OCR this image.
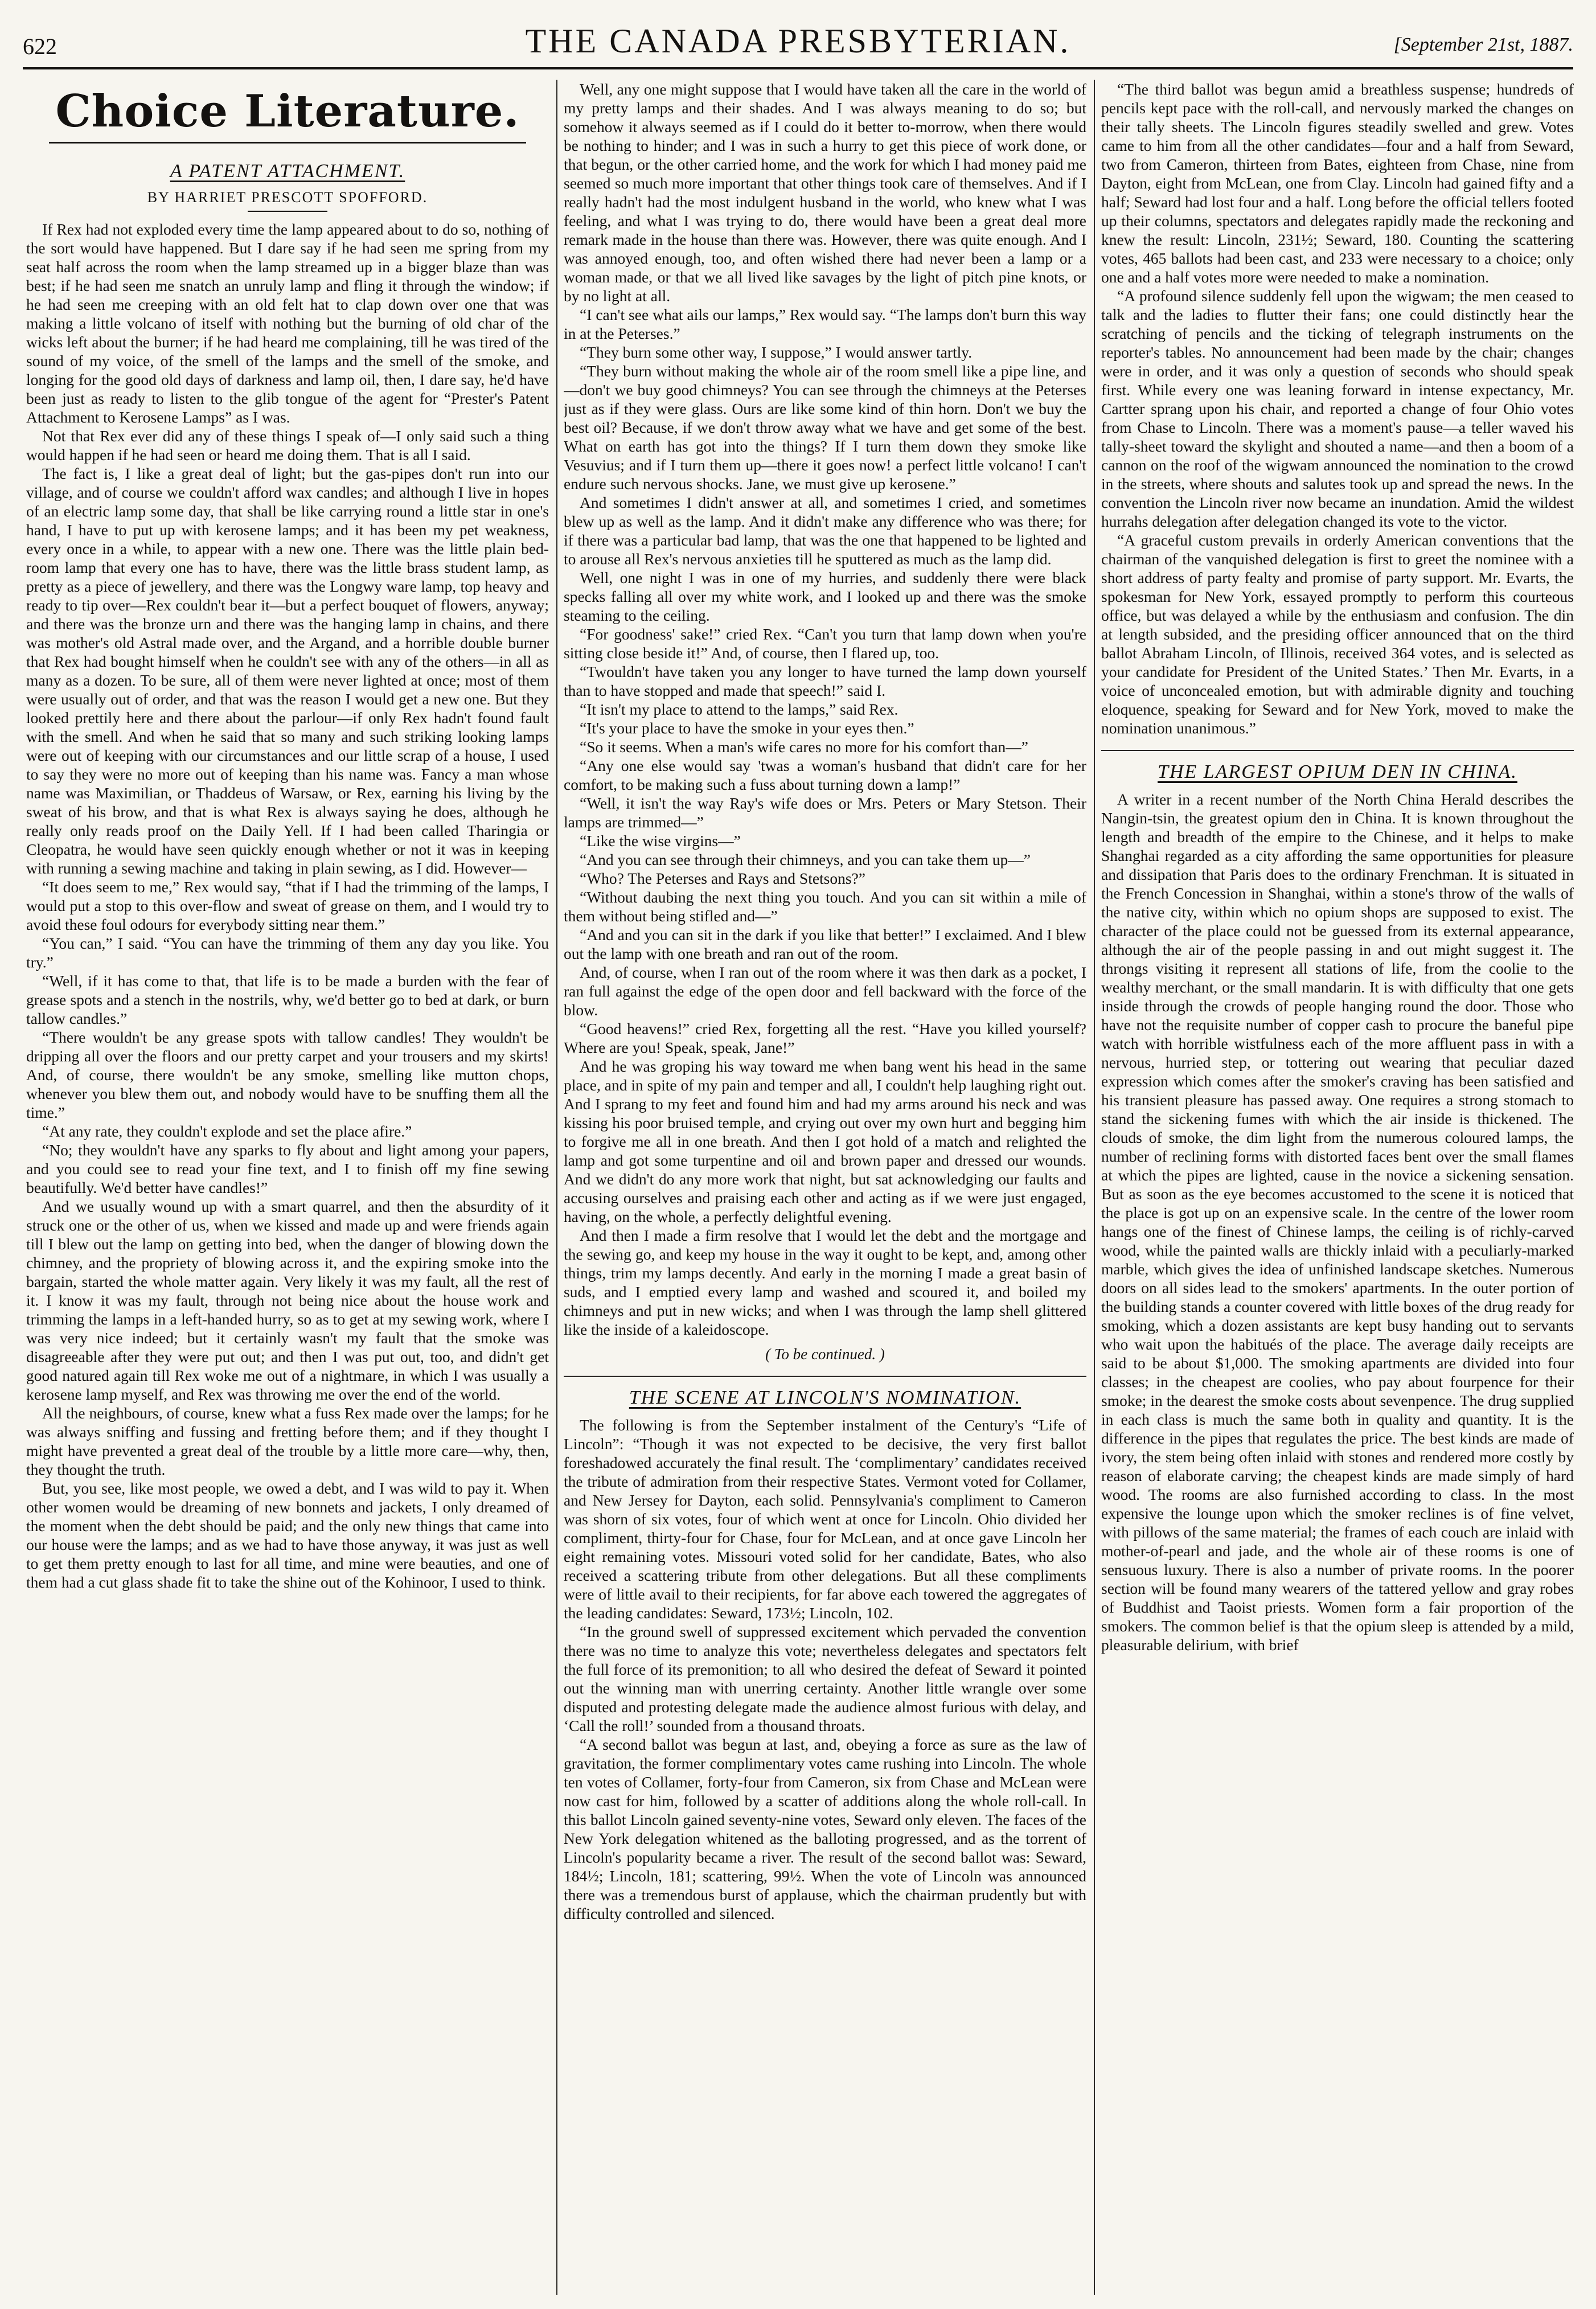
622	THE CANADA PRESBYTERIAN.	[September 21st, 1887.
Choice Literature.
A PATENT ATTACHMENT.
BY HARRIET PRESCOTT SPOFFORD.

If Rex had not exploded every time the lamp appeared about to do so, nothing of the sort would have happened. But I dare say if he had seen me spring from my seat half across the room when the lamp streamed up in a bigger blaze than was best; if he had seen me snatch an unruly lamp and fling it through the window; if he had seen me creeping with an old felt hat to clap down over one that was making a little volcano of itself with nothing but the burning of old char of the wicks left about the burner; if he had heard me complaining, till he was tired of the sound of my voice, of the smell of the lamps and the smell of the smoke, and longing for the good old days of darkness and lamp oil, then, I dare say, he'd have been just as ready to listen to the glib tongue of the agent for “Prester's Patent Attachment to Kerosene Lamps” as I was.

Not that Rex ever did any of these things I speak of—I only said such a thing would happen if he had seen or heard me doing them. That is all I said.

The fact is, I like a great deal of light; but the gas-pipes don't run into our village, and of course we couldn't afford wax candles; and although I live in hopes of an electric lamp some day, that shall be like carrying round a little star in one's hand, I have to put up with kerosene lamps; and it has been my pet weakness, every once in a while, to appear with a new one. There was the little plain bed-room lamp that every one has to have, there was the little brass student lamp, as pretty as a piece of jewellery, and there was the Longwy ware lamp, top heavy and ready to tip over—Rex couldn't bear it—but a perfect bouquet of flowers, anyway; and there was the bronze urn and there was the hanging lamp in chains, and there was mother's old Astral made over, and the Argand, and a horrible double burner that Rex had bought himself when he couldn't see with any of the others—in all as many as a dozen. To be sure, all of them were never lighted at once; most of them were usually out of order, and that was the reason I would get a new one. But they looked prettily here and there about the parlour—if only Rex hadn't found fault with the smell. And when he said that so many and such striking looking lamps were out of keeping with our circumstances and our little scrap of a house, I used to say they were no more out of keeping than his name was. Fancy a man whose name was Maximilian, or Thaddeus of Warsaw, or Rex, earning his living by the sweat of his brow, and that is what Rex is always saying he does, although he really only reads proof on the Daily Yell. If I had been called Tharingia or Cleopatra, he would have seen quickly enough whether or not it was in keeping with running a sewing machine and taking in plain sewing, as I did. However—

“It does seem to me,” Rex would say, “that if I had the trimming of the lamps, I would put a stop to this over-flow and sweat of grease on them, and I would try to avoid these foul odours for everybody sitting near them.”

“You can,” I said. “You can have the trimming of them any day you like. You try.”

“Well, if it has come to that, that life is to be made a burden with the fear of grease spots and a stench in the nostrils, why, we'd better go to bed at dark, or burn tallow candles.”

“There wouldn't be any grease spots with tallow candles! They wouldn't be dripping all over the floors and our pretty carpet and your trousers and my skirts! And, of course, there wouldn't be any smoke, smelling like mutton chops, whenever you blew them out, and nobody would have to be snuffing them all the time.”

“At any rate, they couldn't explode and set the place afire.”

“No; they wouldn't have any sparks to fly about and light among your papers, and you could see to read your fine text, and I to finish off my fine sewing beautifully. We'd better have candles!”

And we usually wound up with a smart quarrel, and then the absurdity of it struck one or the other of us, when we kissed and made up and were friends again till I blew out the lamp on getting into bed, when the danger of blowing down the chimney, and the propriety of blowing across it, and the expiring smoke into the bargain, started the whole matter again. Very likely it was my fault, all the rest of it. I know it was my fault, through not being nice about the house work and trimming the lamps in a left-handed hurry, so as to get at my sewing work, where I was very nice indeed; but it certainly wasn't my fault that the smoke was disagreeable after they were put out; and then I was put out, too, and didn't get good natured again till Rex woke me out of a nightmare, in which I was usually a kerosene lamp myself, and Rex was throwing me over the end of the world.

All the neighbours, of course, knew what a fuss Rex made over the lamps; for he was always sniffing and fussing and fretting before them; and if they thought I might have prevented a great deal of the trouble by a little more care—why, then, they thought the truth.

But, you see, like most people, we owed a debt, and I was wild to pay it. When other women would be dreaming of new bonnets and jackets, I only dreamed of the moment when the debt should be paid; and the only new things that came into our house were the lamps; and as we had to have those anyway, it was just as well to get them pretty enough to last for all time, and mine were beauties, and one of them had a cut glass shade fit to take the shine out of the Kohinoor, I used to think.

Well, any one might suppose that I would have taken all the care in the world of my pretty lamps and their shades. And I was always meaning to do so; but somehow it always seemed as if I could do it better to-morrow, when there would be nothing to hinder; and I was in such a hurry to get this piece of work done, or that begun, or the other carried home, and the work for which I had money paid me seemed so much more important that other things took care of themselves. And if I really hadn't had the most indulgent husband in the world, who knew what I was feeling, and what I was trying to do, there would have been a great deal more remark made in the house than there was. However, there was quite enough. And I was annoyed enough, too, and often wished there had never been a lamp or a woman made, or that we all lived like savages by the light of pitch pine knots, or by no light at all.

“I can't see what ails our lamps,” Rex would say. “The lamps don't burn this way in at the Peterses.”

“They burn some other way, I suppose,” I would answer tartly.

“They burn without making the whole air of the room smell like a pipe line, and—don't we buy good chimneys? You can see through the chimneys at the Peterses just as if they were glass. Ours are like some kind of thin horn. Don't we buy the best oil? Because, if we don't throw away what we have and get some of the best. What on earth has got into the things? If I turn them down they smoke like Vesuvius; and if I turn them up—there it goes now! a perfect little volcano! I can't endure such nervous shocks. Jane, we must give up kerosene.”

And sometimes I didn't answer at all, and sometimes I cried, and sometimes blew up as well as the lamp. And it didn't make any difference who was there; for if there was a particular bad lamp, that was the one that happened to be lighted and to arouse all Rex's nervous anxieties till he sputtered as much as the lamp did.

Well, one night I was in one of my hurries, and suddenly there were black specks falling all over my white work, and I looked up and there was the smoke steaming to the ceiling.

“For goodness' sake!” cried Rex. “Can't you turn that lamp down when you're sitting close beside it!” And, of course, then I flared up, too.

“Twouldn't have taken you any longer to have turned the lamp down yourself than to have stopped and made that speech!” said I.

“It isn't my place to attend to the lamps,” said Rex.

“It's your place to have the smoke in your eyes then.”

“So it seems. When a man's wife cares no more for his comfort than—”

“Any one else would say 'twas a woman's husband that didn't care for her comfort, to be making such a fuss about turning down a lamp!”

“Well, it isn't the way Ray's wife does or Mrs. Peters or Mary Stetson. Their lamps are trimmed—”

“Like the wise virgins—”

“And you can see through their chimneys, and you can take them up—”

“Who? The Peterses and Rays and Stetsons?”

“Without daubing the next thing you touch. And you can sit within a mile of them without being stifled and—”

“And and you can sit in the dark if you like that better!” I exclaimed. And I blew out the lamp with one breath and ran out of the room.

And, of course, when I ran out of the room where it was then dark as a pocket, I ran full against the edge of the open door and fell backward with the force of the blow.

“Good heavens!” cried Rex, forgetting all the rest. “Have you killed yourself? Where are you! Speak, speak, Jane!”

And he was groping his way toward me when bang went his head in the same place, and in spite of my pain and temper and all, I couldn't help laughing right out. And I sprang to my feet and found him and had my arms around his neck and was kissing his poor bruised temple, and crying out over my own hurt and begging him to forgive me all in one breath. And then I got hold of a match and relighted the lamp and got some turpentine and oil and brown paper and dressed our wounds. And we didn't do any more work that night, but sat acknowledging our faults and accusing ourselves and praising each other and acting as if we were just engaged, having, on the whole, a perfectly delightful evening.

And then I made a firm resolve that I would let the debt and the mortgage and the sewing go, and keep my house in the way it ought to be kept, and, among other things, trim my lamps decently. And early in the morning I made a great basin of suds, and I emptied every lamp and washed and scoured it, and boiled my chimneys and put in new wicks; and when I was through the lamp shell glittered like the inside of a kaleidoscope.

( To be continued. )
THE SCENE AT LINCOLN'S NOMINATION.

The following is from the September instalment of the Century's “Life of Lincoln”: “Though it was not expected to be decisive, the very first ballot foreshadowed accurately the final result. The ‘complimentary’ candidates received the tribute of admiration from their respective States. Vermont voted for Collamer, and New Jersey for Dayton, each solid. Pennsylvania's compliment to Cameron was shorn of six votes, four of which went at once for Lincoln. Ohio divided her compliment, thirty-four for Chase, four for McLean, and at once gave Lincoln her eight remaining votes. Missouri voted solid for her candidate, Bates, who also received a scattering tribute from other delegations. But all these compliments were of little avail to their recipients, for far above each towered the aggregates of the leading candidates: Seward, 173½; Lincoln, 102.

“In the ground swell of suppressed excitement which pervaded the convention there was no time to analyze this vote; nevertheless delegates and spectators felt the full force of its premonition; to all who desired the defeat of Seward it pointed out the winning man with unerring certainty. Another little wrangle over some disputed and protesting delegate made the audience almost furious with delay, and ‘Call the roll!’ sounded from a thousand throats.

“A second ballot was begun at last, and, obeying a force as sure as the law of gravitation, the former complimentary votes came rushing into Lincoln. The whole ten votes of Collamer, forty-four from Cameron, six from Chase and McLean were now cast for him, followed by a scatter of additions along the whole roll-call. In this ballot Lincoln gained seventy-nine votes, Seward only eleven. The faces of the New York delegation whitened as the balloting progressed, and as the torrent of Lincoln's popularity became a river. The result of the second ballot was: Seward, 184½; Lincoln, 181; scattering, 99½. When the vote of Lincoln was announced there was a tremendous burst of applause, which the chairman prudently but with difficulty controlled and silenced.

“The third ballot was begun amid a breathless suspense; hundreds of pencils kept pace with the roll-call, and nervously marked the changes on their tally sheets. The Lincoln figures steadily swelled and grew. Votes came to him from all the other candidates—four and a half from Seward, two from Cameron, thirteen from Bates, eighteen from Chase, nine from Dayton, eight from McLean, one from Clay. Lincoln had gained fifty and a half; Seward had lost four and a half. Long before the official tellers footed up their columns, spectators and delegates rapidly made the reckoning and knew the result: Lincoln, 231½; Seward, 180. Counting the scattering votes, 465 ballots had been cast, and 233 were necessary to a choice; only one and a half votes more were needed to make a nomination.

“A profound silence suddenly fell upon the wigwam; the men ceased to talk and the ladies to flutter their fans; one could distinctly hear the scratching of pencils and the ticking of telegraph instruments on the reporter's tables. No announcement had been made by the chair; changes were in order, and it was only a question of seconds who should speak first. While every one was leaning forward in intense expectancy, Mr. Cartter sprang upon his chair, and reported a change of four Ohio votes from Chase to Lincoln. There was a moment's pause—a teller waved his tally-sheet toward the skylight and shouted a name—and then a boom of a cannon on the roof of the wigwam announced the nomination to the crowd in the streets, where shouts and salutes took up and spread the news. In the convention the Lincoln river now became an inundation. Amid the wildest hurrahs delegation after delegation changed its vote to the victor.

“A graceful custom prevails in orderly American conventions that the chairman of the vanquished delegation is first to greet the nominee with a short address of party fealty and promise of party support. Mr. Evarts, the spokesman for New York, essayed promptly to perform this courteous office, but was delayed a while by the enthusiasm and confusion. The din at length subsided, and the presiding officer announced that on the third ballot Abraham Lincoln, of Illinois, received 364 votes, and is selected as your candidate for President of the United States.’ Then Mr. Evarts, in a voice of unconcealed emotion, but with admirable dignity and touching eloquence, speaking for Seward and for New York, moved to make the nomination unanimous.”

THE LARGEST OPIUM DEN IN CHINA.

A writer in a recent number of the North China Herald describes the Nangin-tsin, the greatest opium den in China. It is known throughout the length and breadth of the empire to the Chinese, and it helps to make Shanghai regarded as a city affording the same opportunities for pleasure and dissipation that Paris does to the ordinary Frenchman. It is situated in the French Concession in Shanghai, within a stone's throw of the walls of the native city, within which no opium shops are supposed to exist. The character of the place could not be guessed from its external appearance, although the air of the people passing in and out might suggest it. The throngs visiting it represent all stations of life, from the coolie to the wealthy merchant, or the small mandarin. It is with difficulty that one gets inside through the crowds of people hanging round the door. Those who have not the requisite number of copper cash to procure the baneful pipe watch with horrible wistfulness each of the more affluent pass in with a nervous, hurried step, or tottering out wearing that peculiar dazed expression which comes after the smoker's craving has been satisfied and his transient pleasure has passed away. One requires a strong stomach to stand the sickening fumes with which the air inside is thickened. The clouds of smoke, the dim light from the numerous coloured lamps, the number of reclining forms with distorted faces bent over the small flames at which the pipes are lighted, cause in the novice a sickening sensation. But as soon as the eye becomes accustomed to the scene it is noticed that the place is got up on an expensive scale. In the centre of the lower room hangs one of the finest of Chinese lamps, the ceiling is of richly-carved wood, while the painted walls are thickly inlaid with a peculiarly-marked marble, which gives the idea of unfinished landscape sketches. Numerous doors on all sides lead to the smokers' apartments. In the outer portion of the building stands a counter covered with little boxes of the drug ready for smoking, which a dozen assistants are kept busy handing out to servants who wait upon the habitués of the place. The average daily receipts are said to be about $1,000. The smoking apartments are divided into four classes; in the cheapest are coolies, who pay about fourpence for their smoke; in the dearest the smoke costs about sevenpence. The drug supplied in each class is much the same both in quality and quantity. It is the difference in the pipes that regulates the price. The best kinds are made of ivory, the stem being often inlaid with stones and rendered more costly by reason of elaborate carving; the cheapest kinds are made simply of hard wood. The rooms are also furnished according to class. In the most expensive the lounge upon which the smoker reclines is of fine velvet, with pillows of the same material; the frames of each couch are inlaid with mother-of-pearl and jade, and the whole air of these rooms is one of sensuous luxury. There is also a number of private rooms. In the poorer section will be found many wearers of the tattered yellow and gray robes of Buddhist and Taoist priests. Women form a fair proportion of the smokers. The common belief is that the opium sleep is attended by a mild, pleasurable delirium, with brief
